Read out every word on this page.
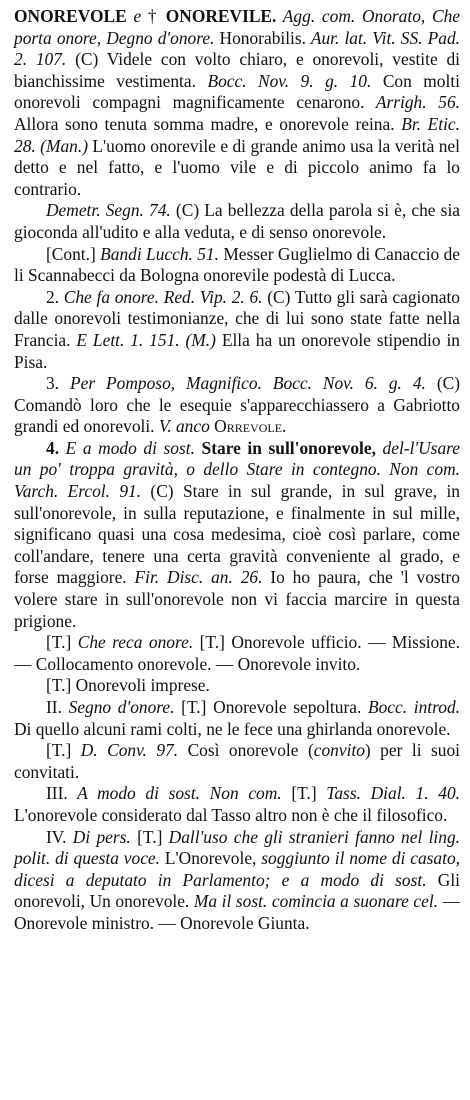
ONOREVOLE e † ONOREVILE. Agg. com. Onorato, Che porta onore, Degno d'onore. Honorabilis. Aur. lat. Vit. SS. Pad. 2. 107. (C) Videle con volto chiaro, e onorevoli, vestite di bianchissime vestimenta. Bocc. Nov. 9. g. 10. Con molti onorevoli compagni magnificamente cenarono. Arrigh. 56. Allora sono tenuta somma madre, e onorevole reina. Br. Etic. 28. (Man.) L'uomo onorevile e di grande animo usa la verità nel detto e nel fatto, e l'uomo vile e di piccolo animo fa lo contrario.

Demetr. Segn. 74. (C) La bellezza della parola si è, che sia gioconda all'udito e alla veduta, e di senso onorevole.

[Cont.] Bandi Lucch. 51. Messer Guglielmo di Canaccio de li Scannabecci da Bologna onorevile podestà di Lucca.

2. Che fa onore. Red. Vip. 2. 6. (C) Tutto gli sarà cagionato dalle onorevoli testimonianze, che di lui sono state fatte nella Francia. E Lett. 1. 151. (M.) Ella ha un onorevole stipendio in Pisa.

3. Per Pomposo, Magnifico. Bocc. Nov. 6. g. 4. (C) Comandò loro che le esequie s'apparecchiassero a Gabriotto grandi ed onorevoli. V. anco Orrevole.

4. E a modo di sost. Stare in sull'onorevole, del-l'Usare un po' troppa gravità, o dello Stare in contegno. Non com. Varch. Ercol. 91. (C) Stare in sul grande, in sul grave, in sull'onorevole, in sulla reputazione, e finalmente in sul mille, significano quasi una cosa medesima, cioè così parlare, come coll'andare, tenere una certa gravità conveniente al grado, e forse maggiore. Fir. Disc. an. 26. Io ho paura, che 'l vostro volere stare in sull'onorevole non vi faccia marcire in questa prigione.

[T.] Che reca onore. [T.] Onorevole ufficio. — Missione. — Collocamento onorevole. — Onorevole invito.

[T.] Onorevoli imprese.

II. Segno d'onore. [T.] Onorevole sepoltura. Bocc. introd. Di quello alcuni rami colti, ne le fece una ghirlanda onorevole.

[T.] D. Conv. 97. Così onorevole (convito) per li suoi convitati.

III. A modo di sost. Non com. [T.] Tass. Dial. 1. 40. L'onorevole considerato dal Tasso altro non è che il filosofico.

IV. Di pers. [T.] Dall'uso che gli stranieri fanno nel ling. polit. di questa voce. L'Onorevole, soggiunto il nome di casato, dicesi a deputato in Parlamento; e a modo di sost. Gli onorevoli, Un onorevole. Ma il sost. comincia a suonare cel. — Onorevole ministro. — Onorevole Giunta.
